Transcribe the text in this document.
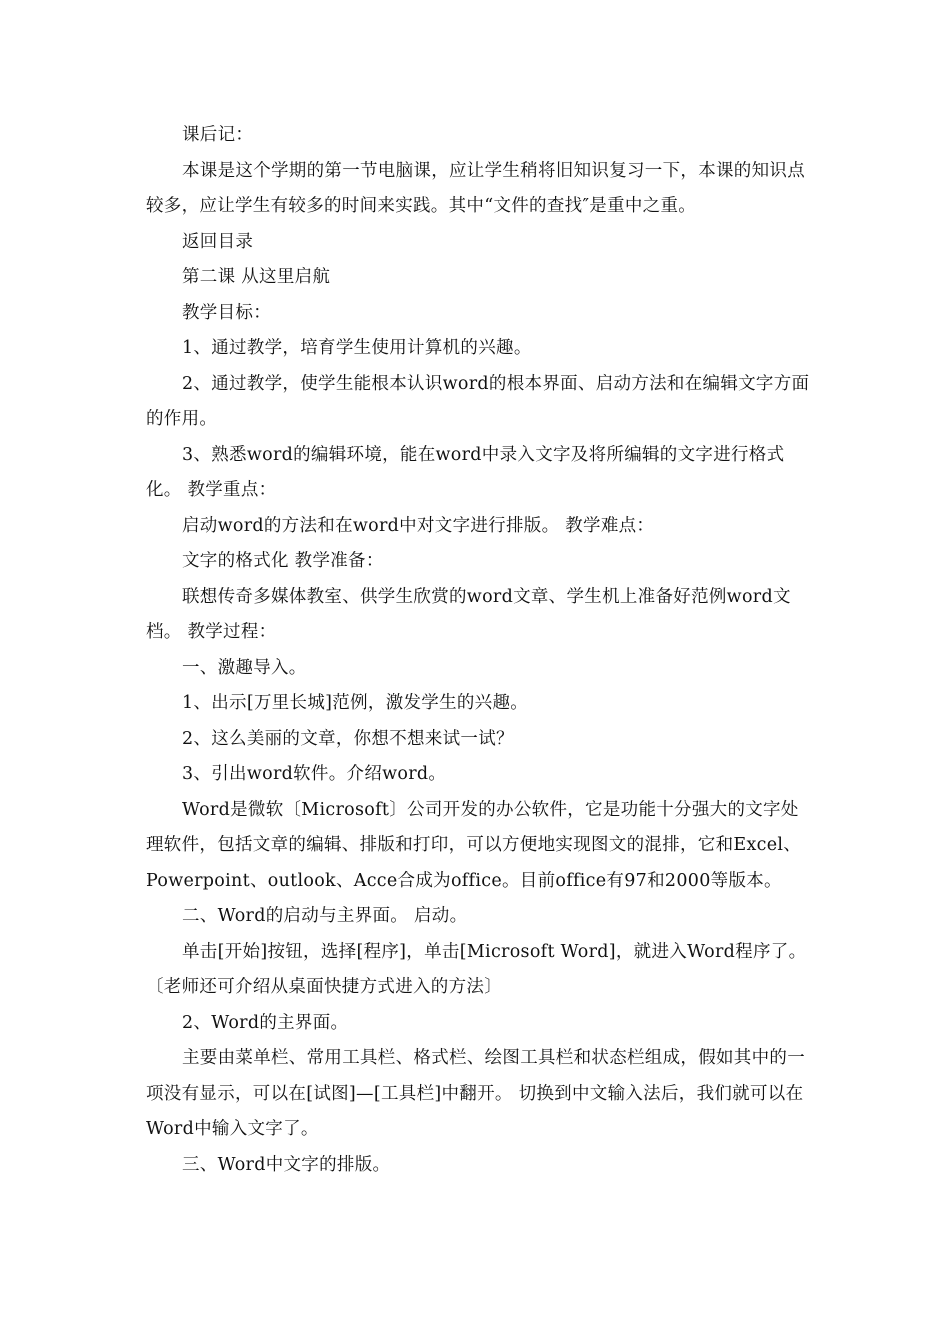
课后记：

本课是这个学期的第一节电脑课，应让学生稍将旧知识复习一下，本课的知识点较多，应让学生有较多的时间来实践。其中“文件的查找″是重中之重。

返回目录

第二课 从这里启航

教学目标：

1、通过教学，培育学生使用计算机的兴趣。

2、通过教学，使学生能根本认识word的根本界面、启动方法和在编辑文字方面的作用。

3、熟悉word的编辑环境，能在word中录入文字及将所编辑的文字进行格式化。 教学重点：

启动word的方法和在word中对文字进行排版。 教学难点：

文字的格式化 教学准备：

联想传奇多媒体教室、供学生欣赏的word文章、学生机上准备好范例word文档。 教学过程：

一、激趣导入。

1、出示[万里长城]范例，激发学生的兴趣。

2、这么美丽的文章，你想不想来试一试？

3、引出word软件。介绍word。

Word是微软〔Microsoft〕公司开发的办公软件，它是功能十分强大的文字处理软件，包括文章的编辑、排版和打印，可以方便地实现图文的混排，它和Excel、Powerpoint、outlook、Acce合成为office。目前office有97和2000等版本。

二、Word的启动与主界面。 启动。

单击[开始]按钮，选择[程序]，单击[Microsoft Word]，就进入Word程序了。〔老师还可介绍从桌面快捷方式进入的方法〕

2、Word的主界面。

主要由菜单栏、常用工具栏、格式栏、绘图工具栏和状态栏组成，假如其中的一项没有显示，可以在[试图]—[工具栏]中翻开。 切换到中文输入法后，我们就可以在Word中输入文字了。

三、Word中文字的排版。
